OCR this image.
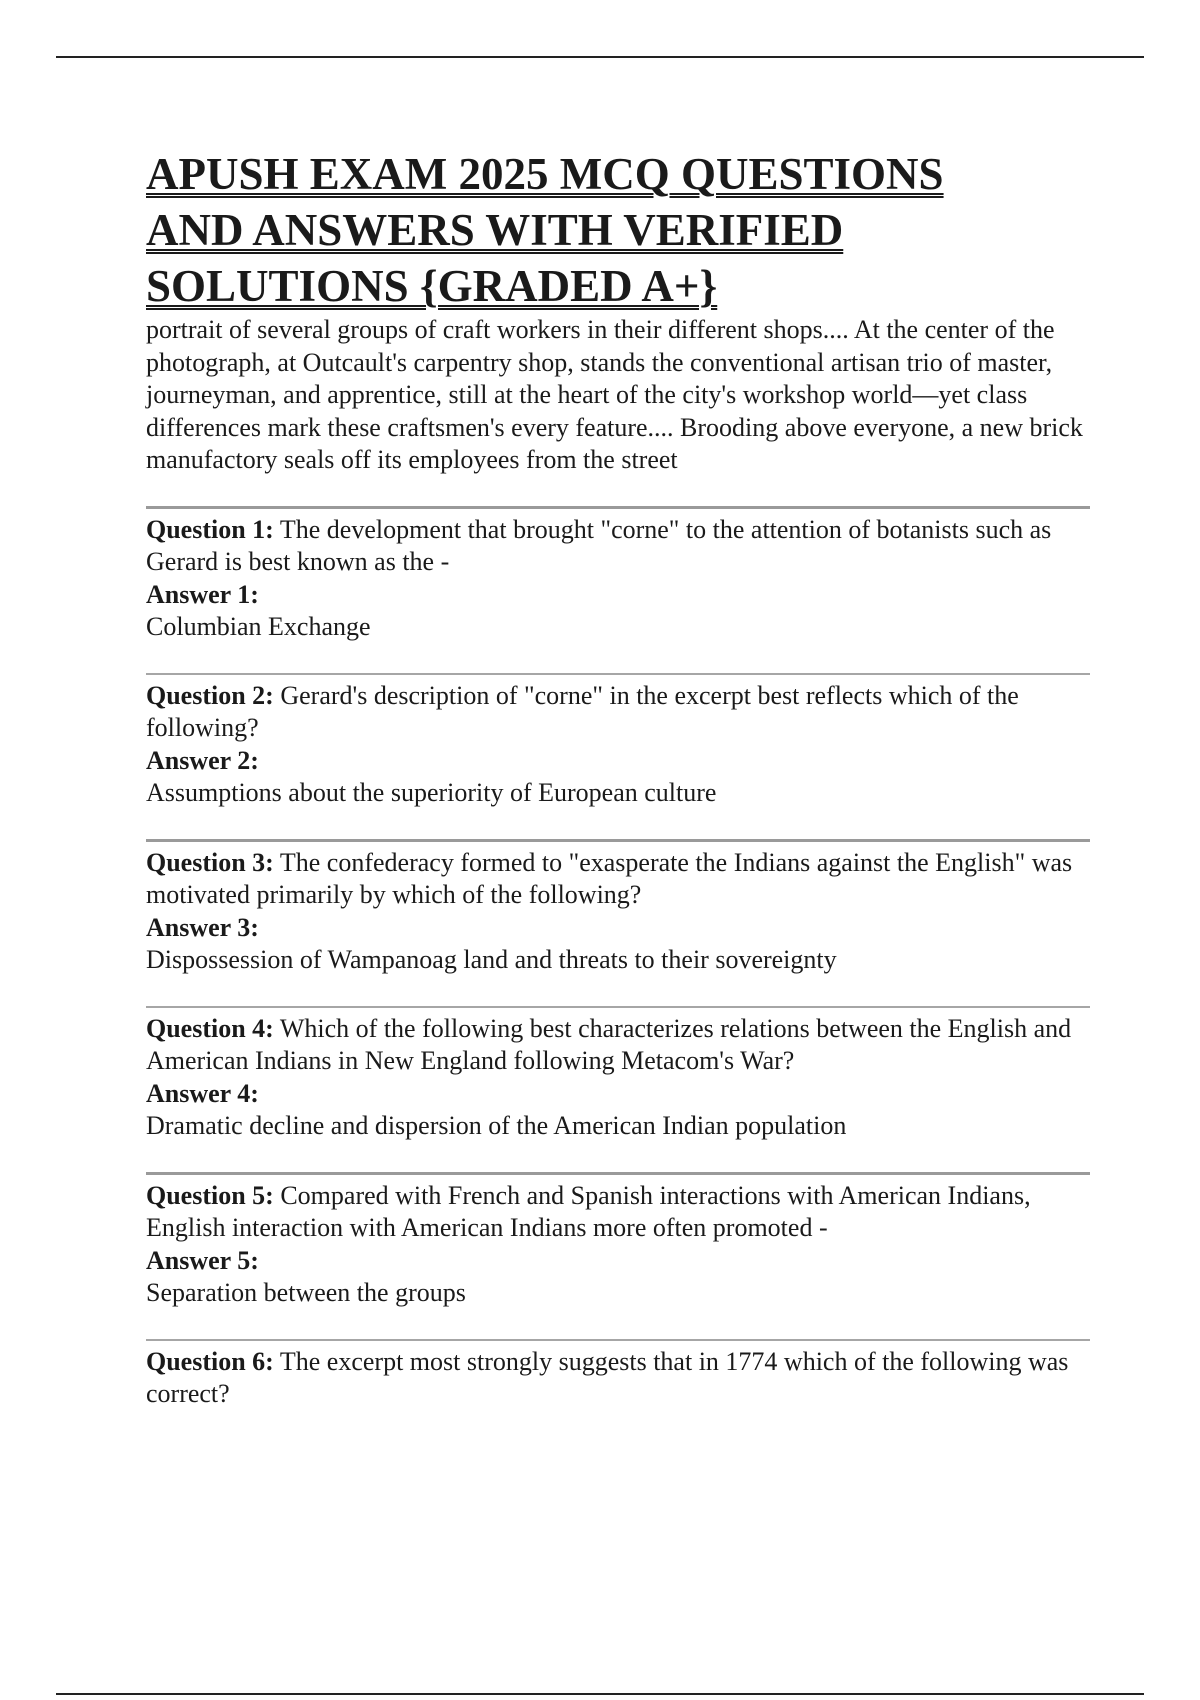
APUSH EXAM 2025 MCQ QUESTIONS AND ANSWERS WITH VERIFIED SOLUTIONS {GRADED A+}

portrait of several groups of craft workers in their different shops.... At the center of the photograph, at Outcault's carpentry shop, stands the conventional artisan trio of master, journeyman, and apprentice, still at the heart of the city's workshop world—yet class differences mark these craftsmen's every feature.... Brooding above everyone, a new brick manufactory seals off its employees from the street

Question 1: The development that brought "corne" to the attention of botanists such as Gerard is best known as the -
Answer 1:
Columbian Exchange
Question 2: Gerard's description of "corne" in the excerpt best reflects which of the following?
Answer 2:
Assumptions about the superiority of European culture
Question 3: The confederacy formed to "exasperate the Indians against the English" was motivated primarily by which of the following?
Answer 3:
Dispossession of Wampanoag land and threats to their sovereignty
Question 4: Which of the following best characterizes relations between the English and American Indians in New England following Metacom's War?
Answer 4:
Dramatic decline and dispersion of the American Indian population
Question 5: Compared with French and Spanish interactions with American Indians, English interaction with American Indians more often promoted -
Answer 5:
Separation between the groups
Question 6: The excerpt most strongly suggests that in 1774 which of the following was correct?
